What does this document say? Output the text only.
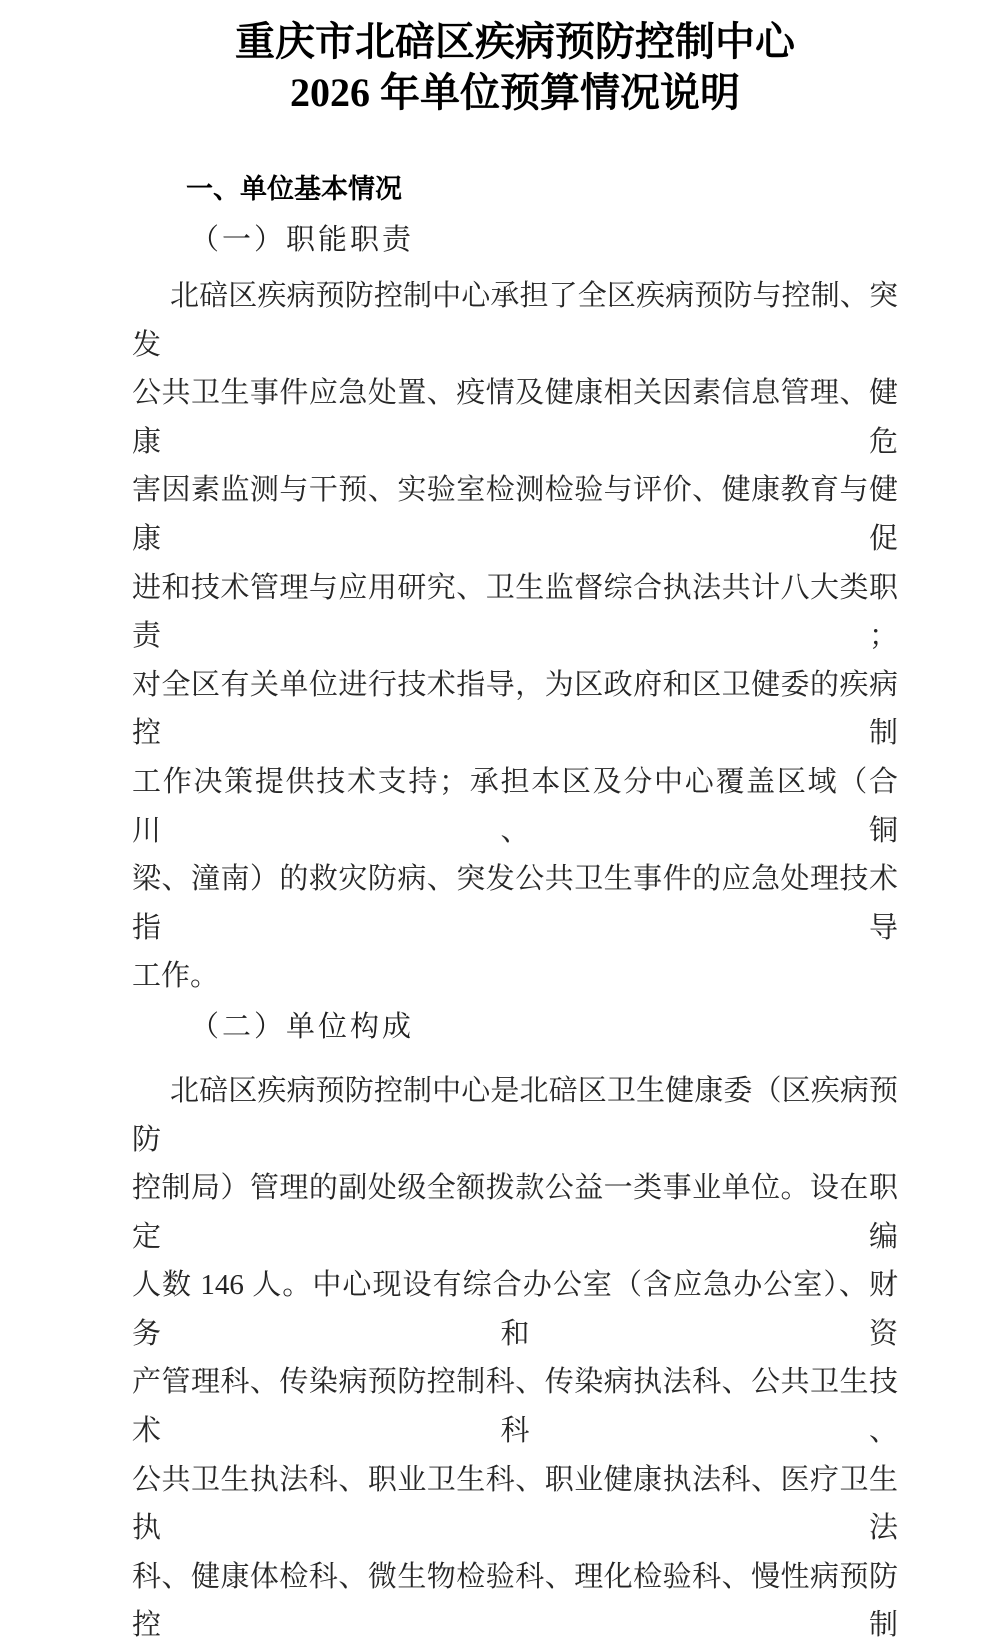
重庆市北碚区疾病预防控制中心
2026 年单位预算情况说明
一、单位基本情况
（一）职能职责
北碚区疾病预防控制中心承担了全区疾病预防与控制、突发
公共卫生事件应急处置、疫情及健康相关因素信息管理、健康危
害因素监测与干预、实验室检测检验与评价、健康教育与健康促
进和技术管理与应用研究、卫生监督综合执法共计八大类职责；
对全区有关单位进行技术指导，为区政府和区卫健委的疾病控制
工作决策提供技术支持；承担本区及分中心覆盖区域（合川、铜
梁、潼南）的救灾防病、突发公共卫生事件的应急处理技术指导
工作。
（二）单位构成
北碚区疾病预防控制中心是北碚区卫生健康委（区疾病预防
控制局）管理的副处级全额拨款公益一类事业单位。设在职定编
人数 146 人。中心现设有综合办公室（含应急办公室）、财务和资
产管理科、传染病预防控制科、传染病执法科、公共卫生技术科、
公共卫生执法科、职业卫生科、职业健康执法科、医疗卫生执法
科、健康体检科、微生物检验科、理化检验科、慢性病预防控制
